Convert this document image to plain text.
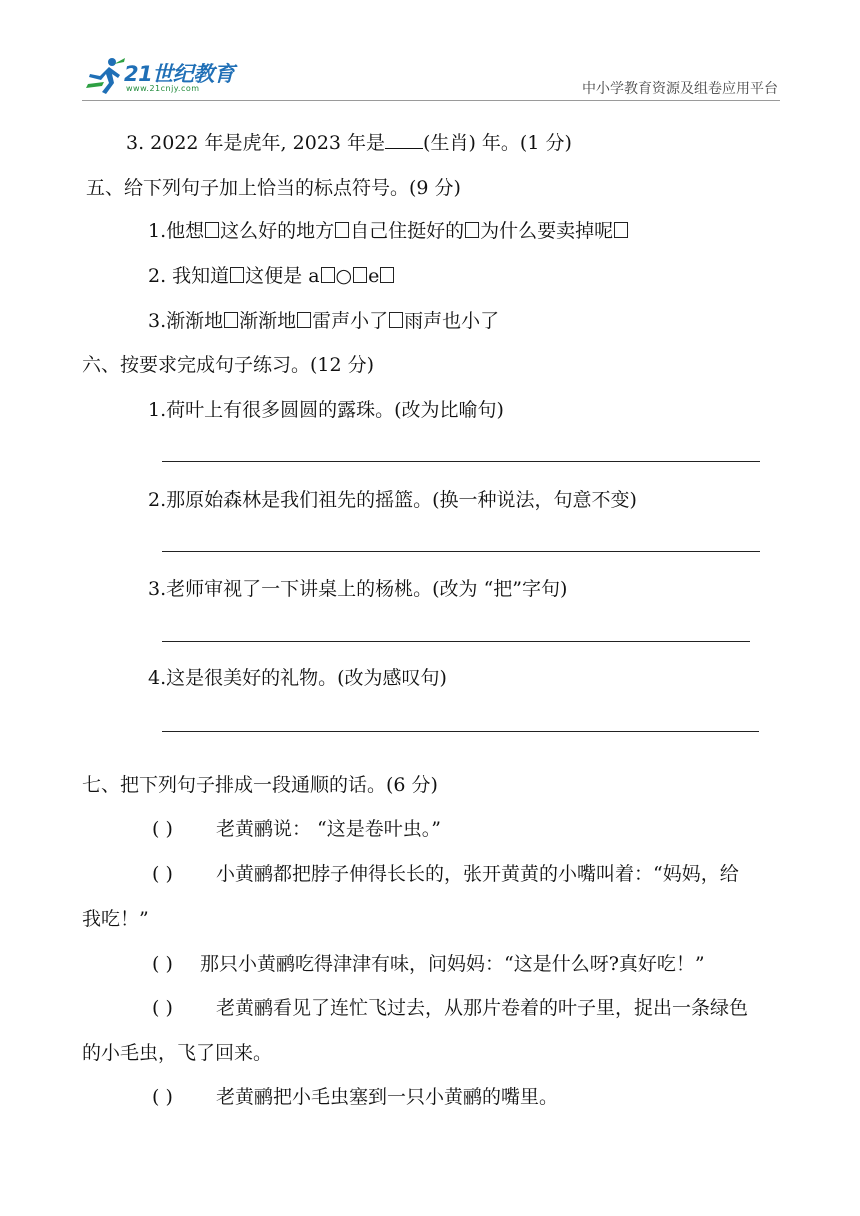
21世纪教育
www.21cnjy.com	中小学教育资源及组卷应用平台
3. 2022 年是虎年, 2023 年是 (生肖) 年。(1 分)
五、给下列句子加上恰当的标点符号。(9 分)
1.他想 这么好的地方 自己住挺好的 为什么要卖掉呢
2. 我知道 这便是 a ○ e
3.渐渐地 渐渐地 雷声小了 雨声也小了
六、按要求完成句子练习。(12 分)
1.荷叶上有很多圆圆的露珠。(改为比喻句)
2.那原始森林是我们祖先的摇篮。(换一种说法，句意不变)
3.老师审视了一下讲桌上的杨桃。(改为 “把”字句)
4.这是很美好的礼物。(改为感叹句)
七、把下列句子排成一段通顺的话。(6 分)
( ) 老黄鹂说： “这是卷叶虫。”
( ) 小黄鹂都把脖子伸得长长的，张开黄黄的小嘴叫着：“妈妈，给
我吃！”
( ) 那只小黄鹂吃得津津有味，问妈妈：“这是什么呀?真好吃！”
( ) 老黄鹂看见了连忙飞过去，从那片卷着的叶子里，捉出一条绿色
的小毛虫，飞了回来。
( ) 老黄鹂把小毛虫塞到一只小黄鹂的嘴里。
